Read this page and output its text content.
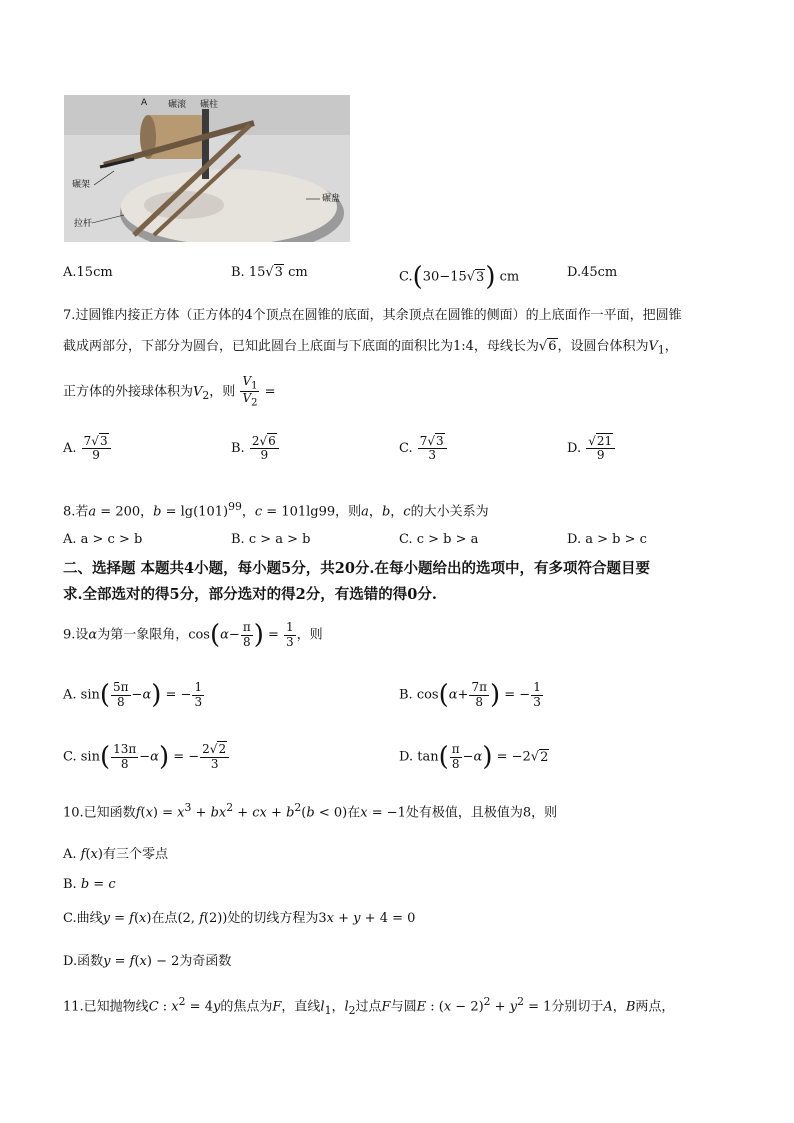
A 碾滚 碾柱
碾架
碾盘
拉杆
A.15cm	B. 15√3 cm	C.(30−15√3) cm	D.45cm
7.过圆锥内接正方体（正方体的4个顶点在圆锥的底面，其余顶点在圆锥的侧面）的上底面作一平面，把圆锥
截成两部分，下部分为圆台，已知此圆台上底面与下底面的面积比为1:4，母线长为√6，设圆台体积为$V_1$，
正方体的外接球体积为$V_2$，则 $\frac{V_1}{V_2}$ =
A. $\frac{7√3}{9}$	B. $\frac{2√6}{9}$	C. $\frac{7√3}{3}$	D. $\frac{√21}{9}$
8.若a = 200，$b = \lg(101)^{99}$，c = 101lg99，则a，b，c的大小关系为
A. a > c > b	B. c > a > b	C. c > b > a	D. a > b > c
二、选择题 本题共4小题，每小题5分，共20分.在每小题给出的选项中，有多项符合题目要
求.全部选对的得5分，部分选对的得2分，有选错的得0分.
9.设α为第一象限角，$\cos(\alpha- \frac{\pi}{8}$ ) = $\frac{1}{3}$ ，则
A. $\sin( \frac{5\pi}{8} -\alpha)$ = − $\frac{1}{3}$	B. $\cos(\alpha+ \frac{7\pi}{8}$ ) = − $\frac{1}{3}$
C. $\sin( \frac{13\pi}{8} -\alpha)$ = − $\frac{2√2}{3}$	D. $\tan( \frac{\pi}{8} -\alpha) = -2√2$
10.已知函数$f(x) = x^3 + bx^2$ + cx + $b^2(b < 0)$在x = −1处有极值，且极值为8，则
A. f(x)有三个零点
B. b = c
C.曲线y = f(x)在点(2, f(2))处的切线方程为3x + y + 4 = 0
D.函数y = f(x) − 2为奇函数
11.已知抛物线C : $x^2 = 4y$的焦点为F，直线$l_1$，$l_2$过点F与圆E : $(x - 2)^2 + y^2 = 1$分别切于A，B两点，
